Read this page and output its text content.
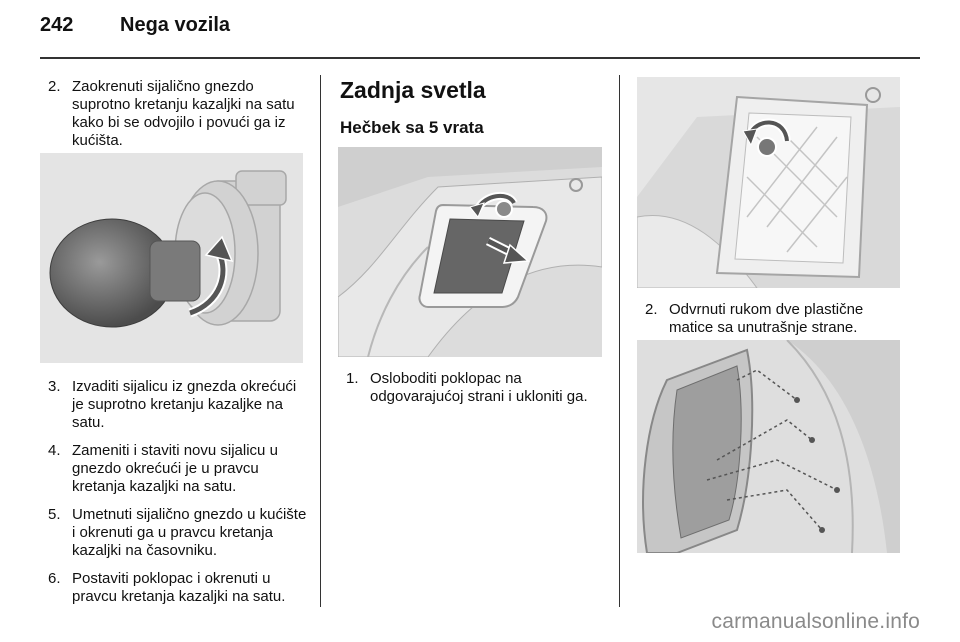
242	Nega vozila
2. Zaokrenuti sijalično gnezdo suprotno kretanju kazaljki na satu kako bi se odvojilo i povući ga iz kućišta.
3. Izvaditi sijalicu iz gnezda okrećući je suprotno kretanju kazaljke na satu.
4. Zameniti i staviti novu sijalicu u gnezdo okrećući je u pravcu kretanja kazaljki na satu.
5. Umetnuti sijalično gnezdo u kućište i okrenuti ga u pravcu kretanja kazaljki na časovniku.
6. Postaviti poklopac i okrenuti u pravcu kretanja kazaljki na satu.
Zadnja svetla
Hečbek sa 5 vrata
1. Osloboditi poklopac na odgovarajućoj strani i ukloniti ga.
2. Odvrnuti rukom dve plastične matice sa unutrašnje strane.
carmanualsonline.info
